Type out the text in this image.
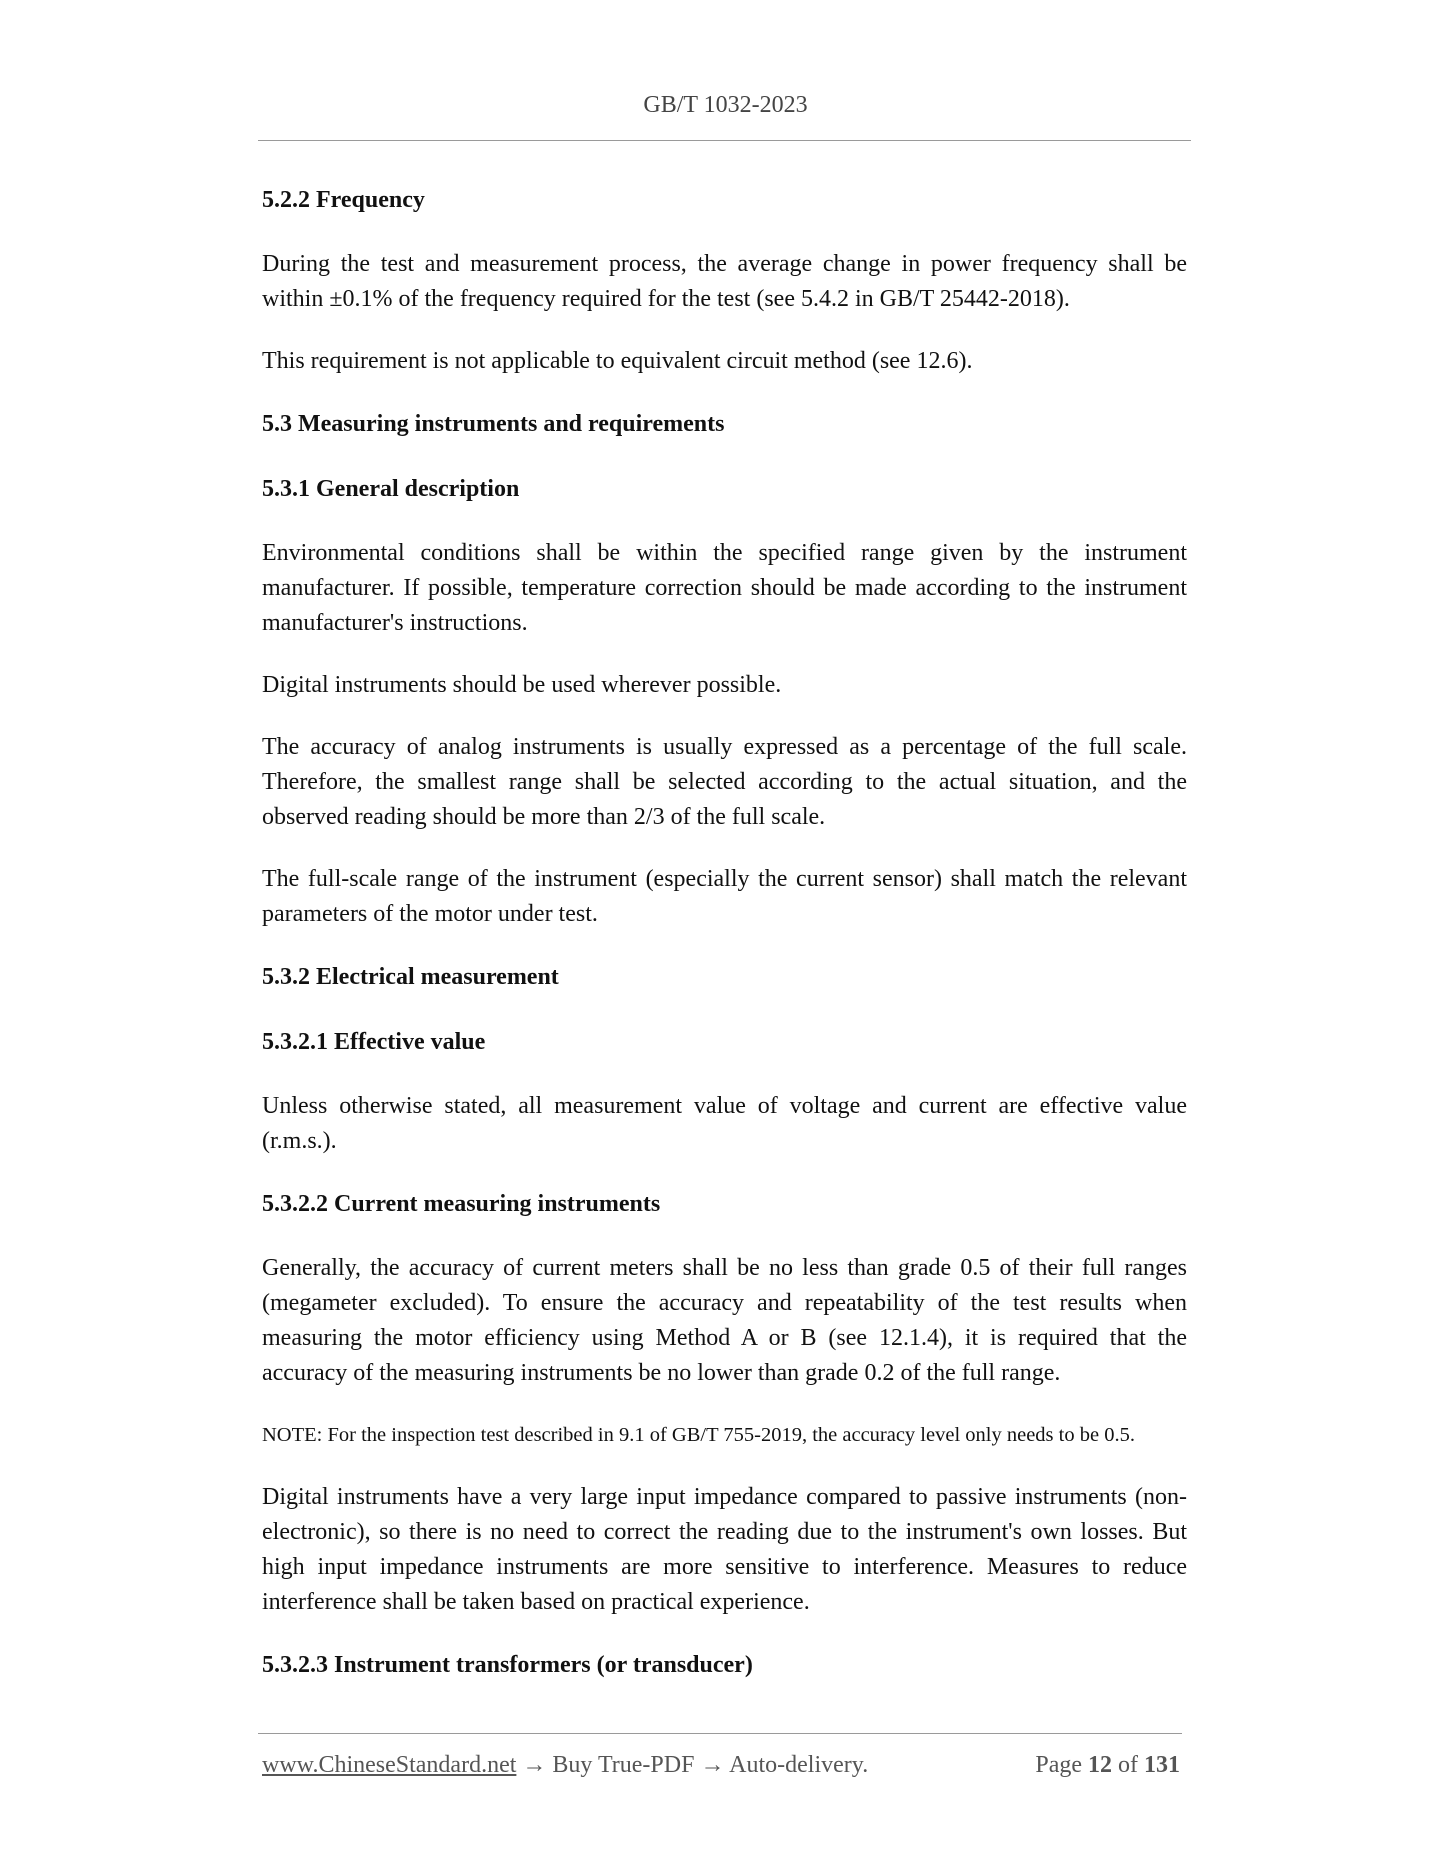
GB/T 1032-2023
5.2.2 Frequency

During the test and measurement process, the average change in power frequency shall be within ±0.1% of the frequency required for the test (see 5.4.2 in GB/T 25442-2018).

This requirement is not applicable to equivalent circuit method (see 12.6).

5.3 Measuring instruments and requirements
5.3.1 General description

Environmental conditions shall be within the specified range given by the instrument manufacturer. If possible, temperature correction should be made according to the instrument manufacturer's instructions.

Digital instruments should be used wherever possible.

The accuracy of analog instruments is usually expressed as a percentage of the full scale. Therefore, the smallest range shall be selected according to the actual situation, and the observed reading should be more than 2/3 of the full scale.

The full-scale range of the instrument (especially the current sensor) shall match the relevant parameters of the motor under test.

5.3.2 Electrical measurement
5.3.2.1 Effective value

Unless otherwise stated, all measurement value of voltage and current are effective value (r.m.s.).

5.3.2.2 Current measuring instruments

Generally, the accuracy of current meters shall be no less than grade 0.5 of their full ranges (megameter excluded). To ensure the accuracy and repeatability of the test results when measuring the motor efficiency using Method A or B (see 12.1.4), it is required that the accuracy of the measuring instruments be no lower than grade 0.2 of the full range.

NOTE: For the inspection test described in 9.1 of GB/T 755-2019, the accuracy level only needs to be 0.5.

Digital instruments have a very large input impedance compared to passive instruments (non-electronic), so there is no need to correct the reading due to the instrument's own losses. But high input impedance instruments are more sensitive to interference. Measures to reduce interference shall be taken based on practical experience.

5.3.2.3 Instrument transformers (or transducer)
www.ChineseStandard.net → Buy True-PDF → Auto-delivery.	Page 12 of 131
